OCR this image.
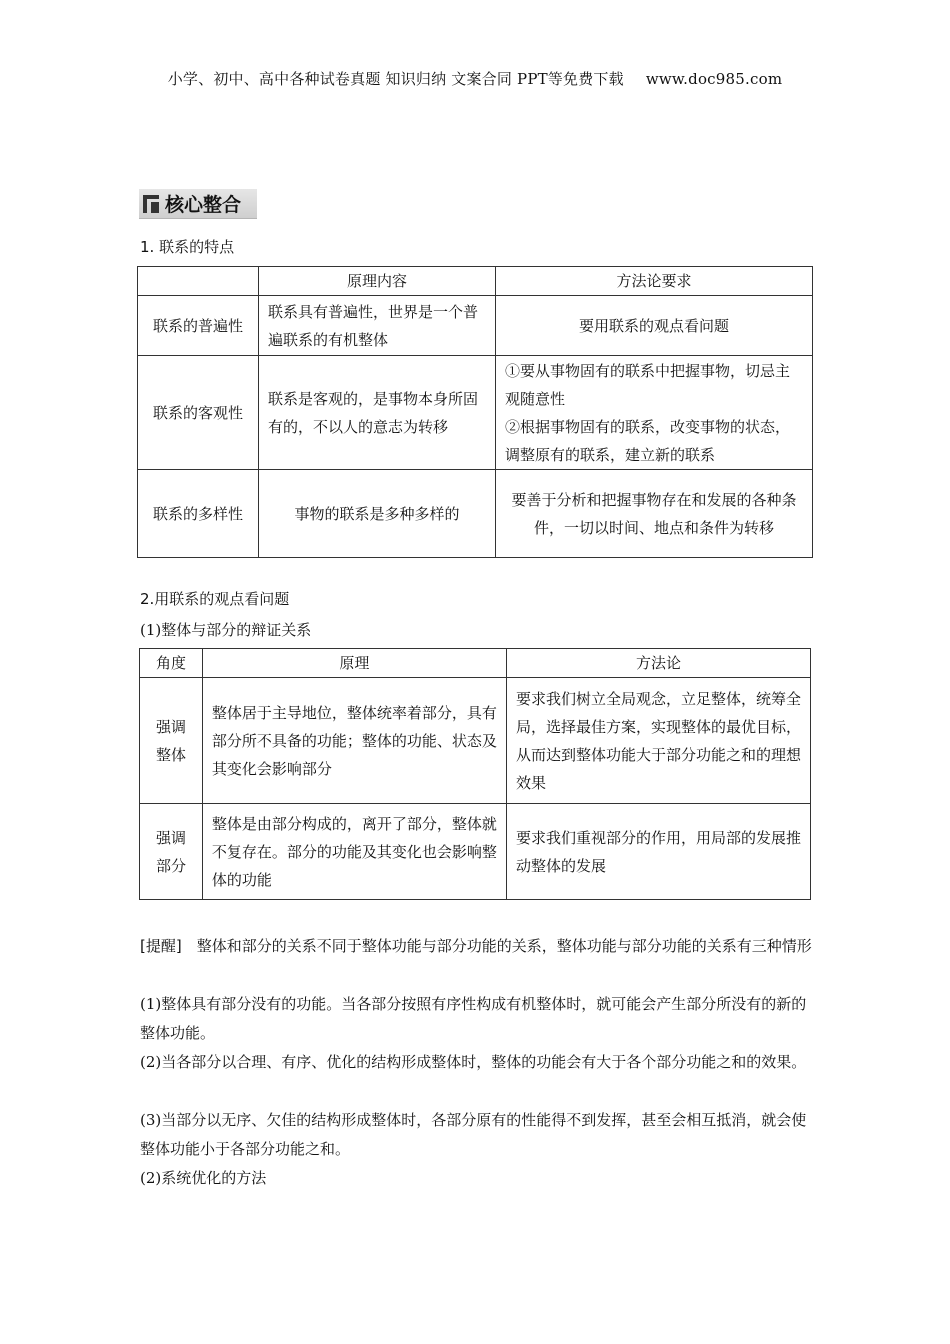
小学、初中、高中各种试卷真题 知识归纳 文案合同 PPT等免费下载 www.doc985.com
核心整合
1. 联系的特点
	原理内容	方法论要求
联系的普遍性	联系具有普遍性，世界是一个普遍联系的有机整体	要用联系的观点看问题
联系的客观性	联系是客观的，是事物本身所固有的，不以人的意志为转移	①要从事物固有的联系中把握事物，切忌主观随意性
②根据事物固有的联系，改变事物的状态，调整原有的联系，建立新的联系

联系的多样性	事物的联系是多种多样的	要善于分析和把握事物存在和发展的各种条件，一切以时间、地点和条件为转移
2.用联系的观点看问题
(1)整体与部分的辩证关系
角度	原理	方法论
强调整体	整体居于主导地位，整体统率着部分，具有部分所不具备的功能；整体的功能、状态及其变化会影响部分	要求我们树立全局观念，立足整体，统筹全局，选择最佳方案，实现整体的最优目标，从而达到整体功能大于部分功能之和的理想效果
强调部分	整体是由部分构成的，离开了部分，整体就不复存在。部分的功能及其变化也会影响整体的功能	要求我们重视部分的作用，用局部的发展推动整体的发展
[提醒]　整体和部分的关系不同于整体功能与部分功能的关系，整体功能与部分功能的关系有三种情形
(1)整体具有部分没有的功能。当各部分按照有序性构成有机整体时，就可能会产生部分所没有的新的整体功能。
(2)当各部分以合理、有序、优化的结构形成整体时，整体的功能会有大于各个部分功能之和的效果。
(3)当部分以无序、欠佳的结构形成整体时，各部分原有的性能得不到发挥，甚至会相互抵消，就会使整体功能小于各部分功能之和。
(2)系统优化的方法
